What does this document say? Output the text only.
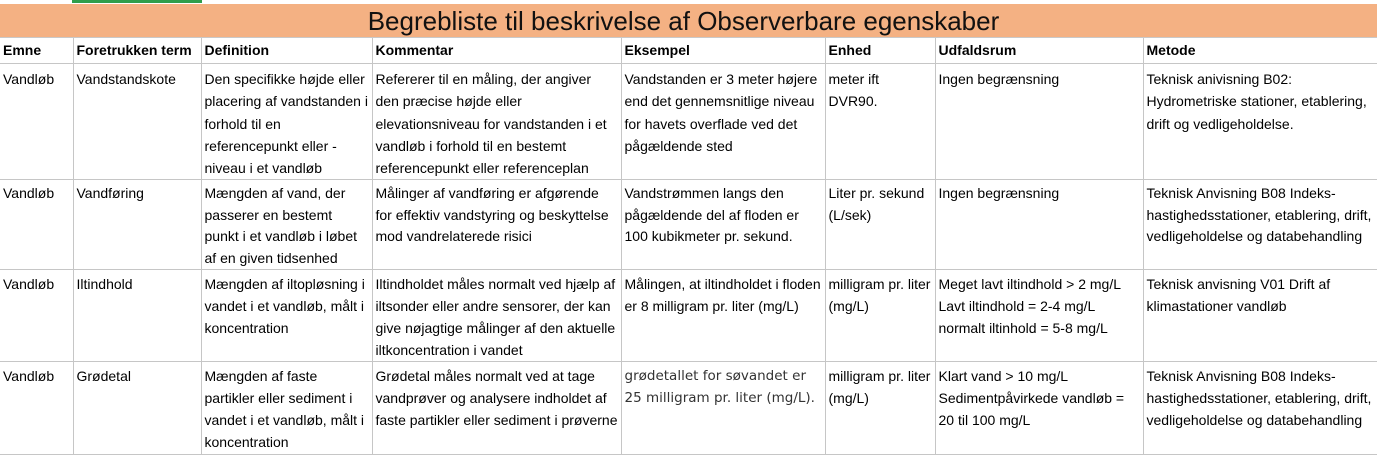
Begrebliste til beskrivelse af Observerbare egenskaber
Emne	Foretrukken term	Definition	Kommentar	Eksempel	Enhed	Udfaldsrum	Metode
Vandløb	Vandstandskote	Den specifikke højde eller placering af vandstanden i forhold til en referencepunkt eller -niveau i et vandløb	Refererer til en måling, der angiver den præcise højde eller elevationsniveau for vandstanden i et vandløb i forhold til en bestemt referencepunkt eller referenceplan	Vandstanden er 3 meter højere end det gennemsnitlige niveau for havets overflade ved det pågældende sted	meter ift DVR90.	Ingen begrænsning	Teknisk anivisning B02: Hydrometriske stationer, etablering, drift og vedligeholdelse.
Vandløb	Vandføring	Mængden af vand, der passerer en bestemt punkt i et vandløb i løbet af en given tidsenhed	Målinger af vandføring er afgørende for effektiv vandstyring og beskyttelse mod vandrelaterede risici	Vandstrømmen langs den pågældende del af floden er 100 kubikmeter pr. sekund.	Liter pr. sekund (L/sek)	Ingen begrænsning	Teknisk Anvisning B08 Indeks-hastighedsstationer, etablering, drift, vedligeholdelse og databehandling
Vandløb	Iltindhold	Mængden af iltopløsning i vandet i et vandløb, målt i koncentration	Iltindholdet måles normalt ved hjælp af iltsonder eller andre sensorer, der kan give nøjagtige målinger af den aktuelle iltkoncentration i vandet	Målingen, at iltindholdet i floden er 8 milligram pr. liter (mg/L)	milligram pr. liter (mg/L)	Meget lavt iltindhold > 2 mg/L Lavt iltindhold = 2-4 mg/L normalt iltinhold = 5-8 mg/L	Teknisk anvisning V01 Drift af klimastationer vandløb
Vandløb	Grødetal	Mængden af faste partikler eller sediment i vandet i et vandløb, målt i koncentration	Grødetal måles normalt ved at tage vandprøver og analysere indholdet af faste partikler eller sediment i prøverne	grødetallet for søvandet er 25 milligram pr. liter (mg/L).	milligram pr. liter (mg/L)	Klart vand > 10 mg/L Sedimentpåvirkede vandløb = 20 til 100 mg/L	Teknisk Anvisning B08 Indeks-hastighedsstationer, etablering, drift, vedligeholdelse og databehandling
